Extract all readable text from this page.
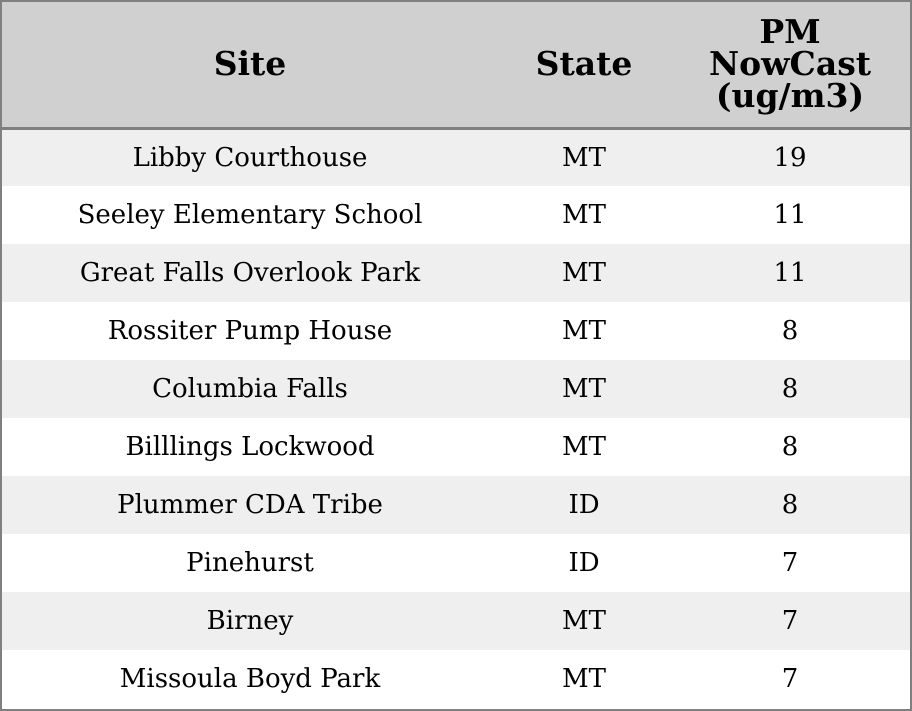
Site	State	PM
NowCast
(ug/m3)

Libby Courthouse	MT	19
Seeley Elementary School	MT	11
Great Falls Overlook Park	MT	11
Rossiter Pump House	MT	8
Columbia Falls	MT	8
Billlings Lockwood	MT	8
Plummer CDA Tribe	ID	8
Pinehurst	ID	7
Birney	MT	7
Missoula Boyd Park	MT	7
